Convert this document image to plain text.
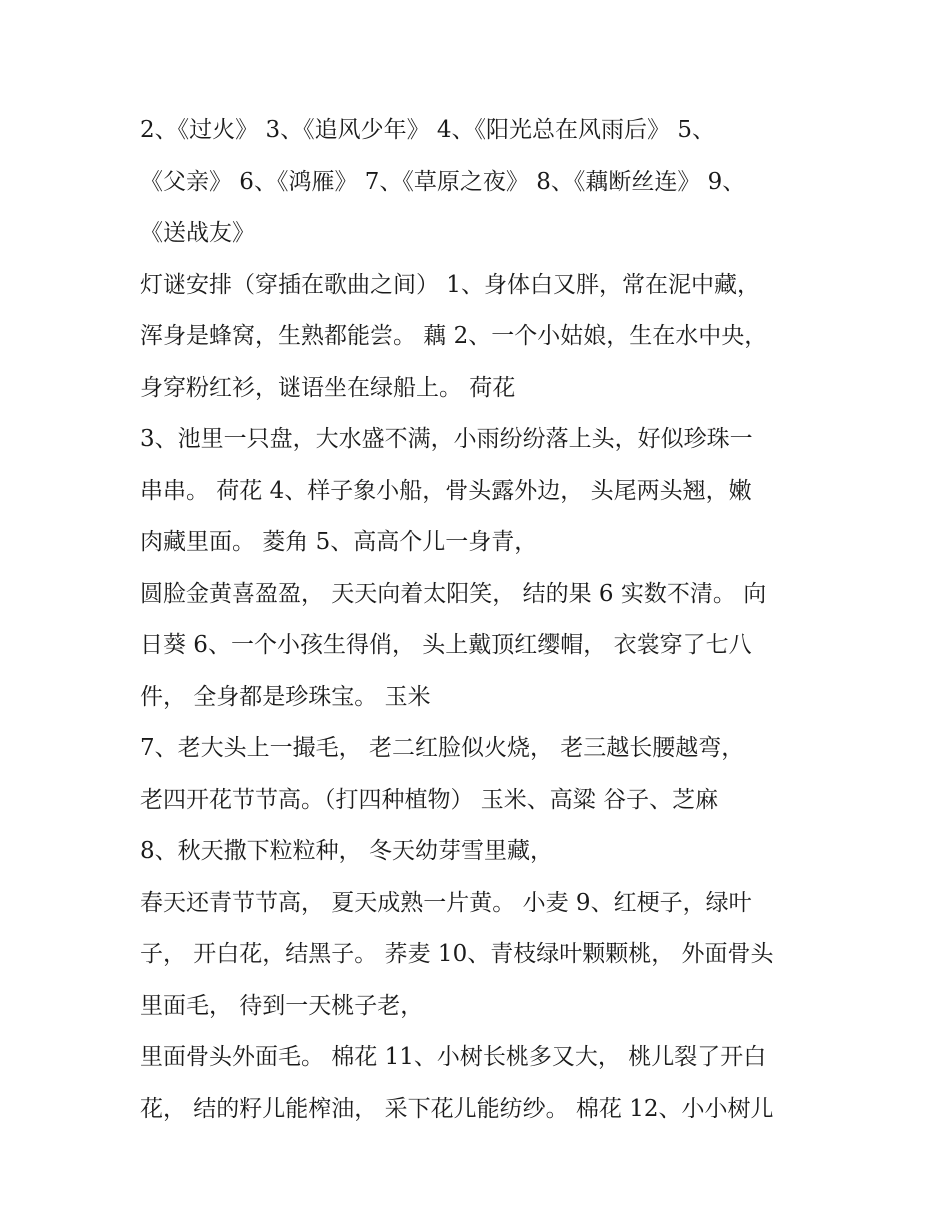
2、《过火》 3、《追风少年》 4、《阳光总在风雨后》 5、
《父亲》 6、《鸿雁》 7、《草原之夜》 8、《藕断丝连》 9、
《送战友》
灯谜安排（穿插在歌曲之间） 1、身体白又胖，常在泥中藏，
浑身是蜂窝，生熟都能尝。 藕 2、一个小姑娘，生在水中央，
身穿粉红衫，谜语坐在绿船上。 荷花
3、池里一只盘，大水盛不满，小雨纷纷落上头，好似珍珠一
串串。 荷花 4、样子象小船，骨头露外边， 头尾两头翘，嫩
肉藏里面。 菱角 5、高高个儿一身青，
圆脸金黄喜盈盈， 天天向着太阳笑， 结的果 6 实数不清。 向
日葵 6、一个小孩生得俏， 头上戴顶红缨帽， 衣裳穿了七八
件， 全身都是珍珠宝。 玉米
7、老大头上一撮毛， 老二红脸似火烧， 老三越长腰越弯，
老四开花节节高。（打四种植物） 玉米、高粱 谷子、芝麻
8、秋天撒下粒粒种， 冬天幼芽雪里藏，
春天还青节节高， 夏天成熟一片黄。 小麦 9、红梗子，绿叶
子， 开白花，结黑子。 荞麦 10、青枝绿叶颗颗桃， 外面骨头
里面毛， 待到一天桃子老，
里面骨头外面毛。 棉花 11、小树长桃多又大， 桃儿裂了开白
花， 结的籽儿能榨油， 采下花儿能纺纱。 棉花 12、小小树儿
